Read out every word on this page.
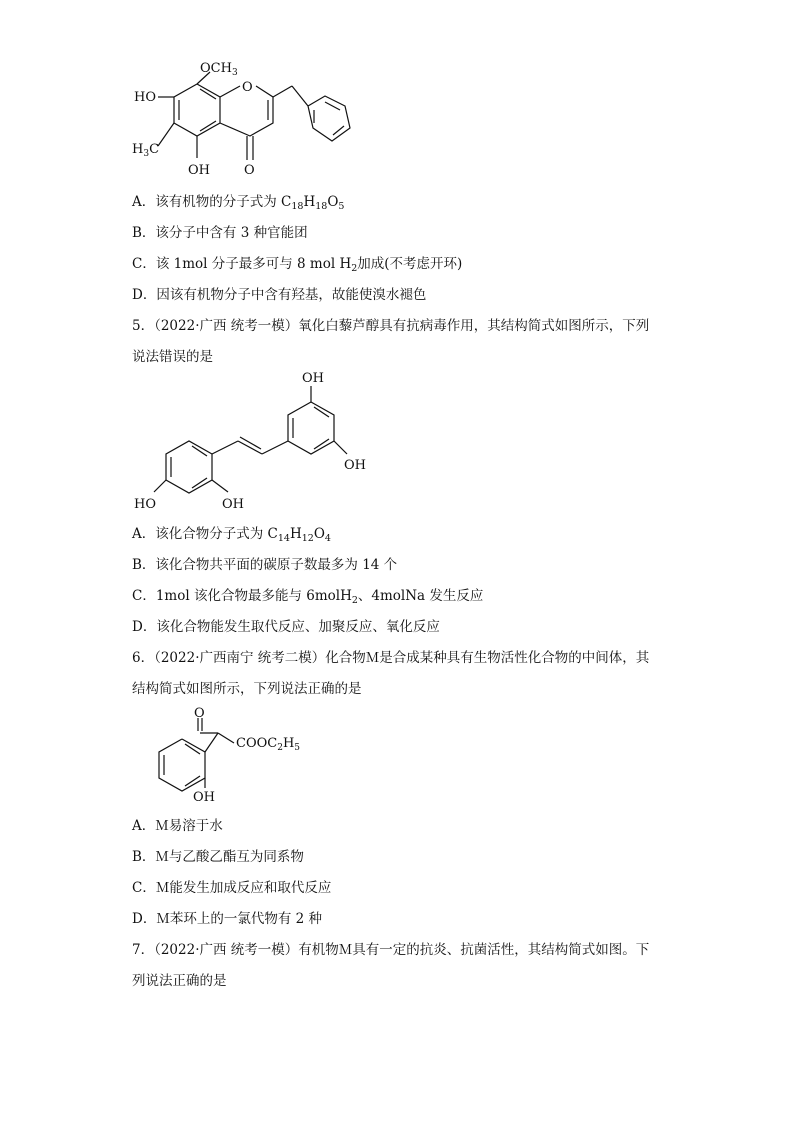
$OCH_3$
HO
O
$H_3C$
OH	O
A．该有机物的分子式为 $C_{18}H_{18}O_5$
B．该分子中含有 3 种官能团
C．该 1mol 分子最多可与 8 mol $H_2$加成(不考虑开环)
D．因该有机物分子中含有羟基，故能使溴水褪色
5．（2022·广西 统考一模）氧化白藜芦醇具有抗病毒作用，其结构简式如图所示，下列
说法错误的是
OH
OH
HO	OH
A．该化合物分子式为 $C_{14}H_{12}O_4$
B．该化合物共平面的碳原子数最多为 14 个
C．1mol 该化合物最多能与 6molH$_2$、4molNa 发生反应
D．该化合物能发生取代反应、加聚反应、氧化反应
6．（2022·广西南宁 统考二模）化合物Ｍ是合成某种具有生物活性化合物的中间体，其
结构简式如图所示，下列说法正确的是
O
$COOC_2H_5$
OH
A．Ｍ易溶于水
B．Ｍ与乙酸乙酯互为同系物
C．Ｍ能发生加成反应和取代反应
D．Ｍ苯环上的一氯代物有 2 种
7．（2022·广西 统考一模）有机物Ｍ具有一定的抗炎、抗菌活性，其结构简式如图。下
列说法正确的是
